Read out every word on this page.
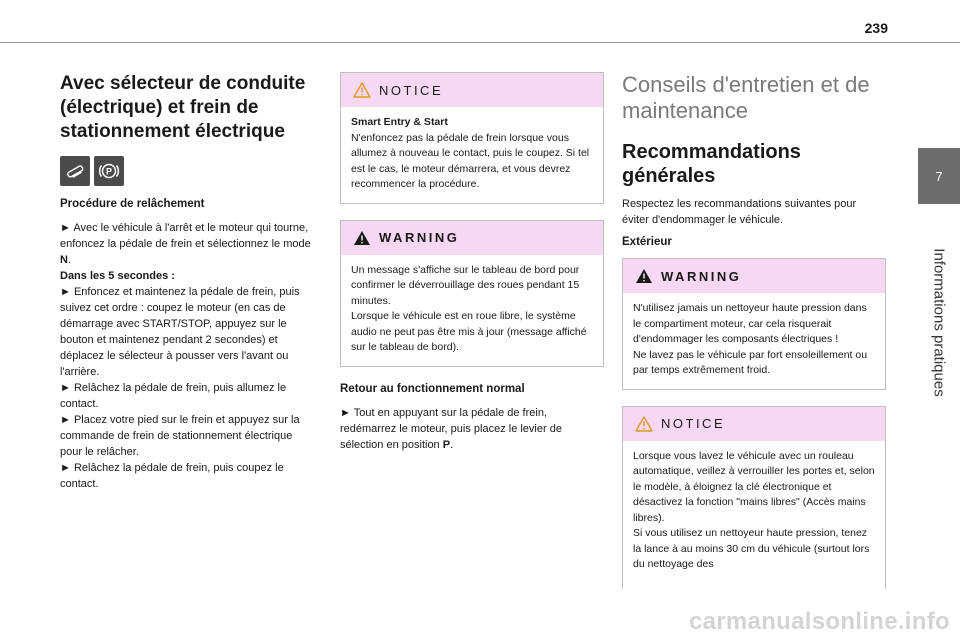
239
7
Informations pratiques
Avec sélecteur de conduite (électrique) et frein de stationnement électrique
P
Procédure de relâchement

► Avec le véhicule à l'arrêt et le moteur qui tourne, enfoncez la pédale de frein et sélectionnez le mode N.

Dans les 5 secondes :

► Enfoncez et maintenez la pédale de frein, puis suivez cet ordre : coupez le moteur (en cas de démarrage avec START/STOP, appuyez sur le bouton et maintenez pendant 2 secondes) et déplacez le sélecteur à pousser vers l'avant ou l'arrière.

► Relâchez la pédale de frein, puis allumez le contact.

► Placez votre pied sur le frein et appuyez sur la commande de frein de stationnement électrique pour le relâcher.

► Relâchez la pédale de frein, puis coupez le contact.

NOTICE

Smart Entry & Start

N'enfoncez pas la pédale de frein lorsque vous allumez à nouveau le contact, puis le coupez. Si tel est le cas, le moteur démarrera, et vous devrez recommencer la procédure.

WARNING

Un message s'affiche sur le tableau de bord pour confirmer le déverrouillage des roues pendant 15 minutes.

Lorsque le véhicule est en roue libre, le système audio ne peut pas être mis à jour (message affiché sur le tableau de bord).

Retour au fonctionnement normal

► Tout en appuyant sur la pédale de frein, redémarrez le moteur, puis placez le levier de sélection en position P.

Conseils d'entretien et de maintenance
Recommandations générales

Respectez les recommandations suivantes pour éviter d'endommager le véhicule.

Extérieur
WARNING

N'utilisez jamais un nettoyeur haute pression dans le compartiment moteur, car cela risquerait d'endommager les composants électriques !

Ne lavez pas le véhicule par fort ensoleillement ou par temps extrêmement froid.

NOTICE

Lorsque vous lavez le véhicule avec un rouleau automatique, veillez à verrouiller les portes et, selon le modèle, à éloignez la clé électronique et désactivez la fonction "mains libres" (Accès mains libres).

Si vous utilisez un nettoyeur haute pression, tenez la lance à au moins 30 cm du véhicule (surtout lors du nettoyage des

carmanualsonline.info
